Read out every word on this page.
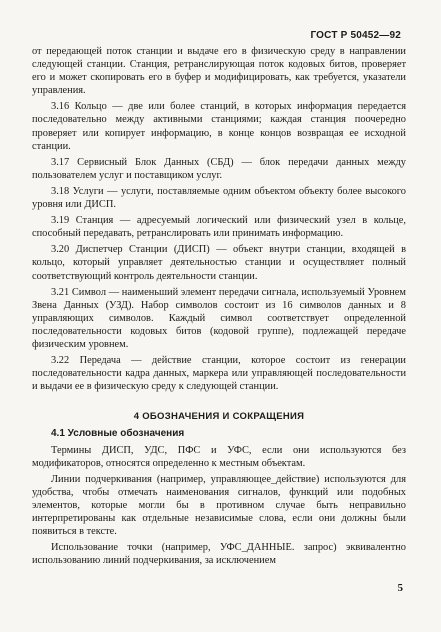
ГОСТ Р 50452—92

от передающей поток станции и выдаче его в физическую среду в направлении следующей станции. Станция, ретранслирующая поток кодовых битов, проверяет его и может скопировать его в буфер и модифицировать, как требуется, указатели управления.

3.16 Кольцо — две или более станций, в которых информация передается последовательно между активными станциями; каждая станция поочередно проверяет или копирует информацию, в конце концов возвращая ее исходной станции.

3.17 Сервисный Блок Данных (СБД) — блок передачи данных между пользователем услуг и поставщиком услуг.

3.18 Услуги — услуги, поставляемые одним объектом объекту более высокого уровня или ДИСП.

3.19 Станция — адресуемый логический или физический узел в кольце, способный передавать, ретранслировать или принимать информацию.

3.20 Диспетчер Станции (ДИСП) — объект внутри станции, входящей в кольцо, который управляет деятельностью станции и осуществляет полный соответствующий контроль деятельности станции.

3.21 Символ — наименьший элемент передачи сигнала, используемый Уровнем Звена Данных (УЗД). Набор символов состоит из 16 символов данных и 8 управляющих символов. Каждый символ соответствует определенной последовательности кодовых битов (кодовой группе), подлежащей передаче физическим уровнем.

3.22 Передача — действие станции, которое состоит из генерации последовательности кадра данных, маркера или управляющей последовательности и выдачи ее в физическую среду к следующей станции.

4 ОБОЗНАЧЕНИЯ И СОКРАЩЕНИЯ
4.1 Условные обозначения

Термины ДИСП, УДС, ПФС и УФС, если они используются без модификаторов, относятся определенно к местным объектам.

Линии подчеркивания (например, управляющее_действие) используются для удобства, чтобы отмечать наименования сигналов, функций или подобных элементов, которые могли бы в противном случае быть неправильно интерпретированы как отдельные независимые слова, если они должны были появиться в тексте.

Использование точки (например, УФС_ДАННЫЕ. запрос) эквивалентно использованию линий подчеркивания, за исключением

5
